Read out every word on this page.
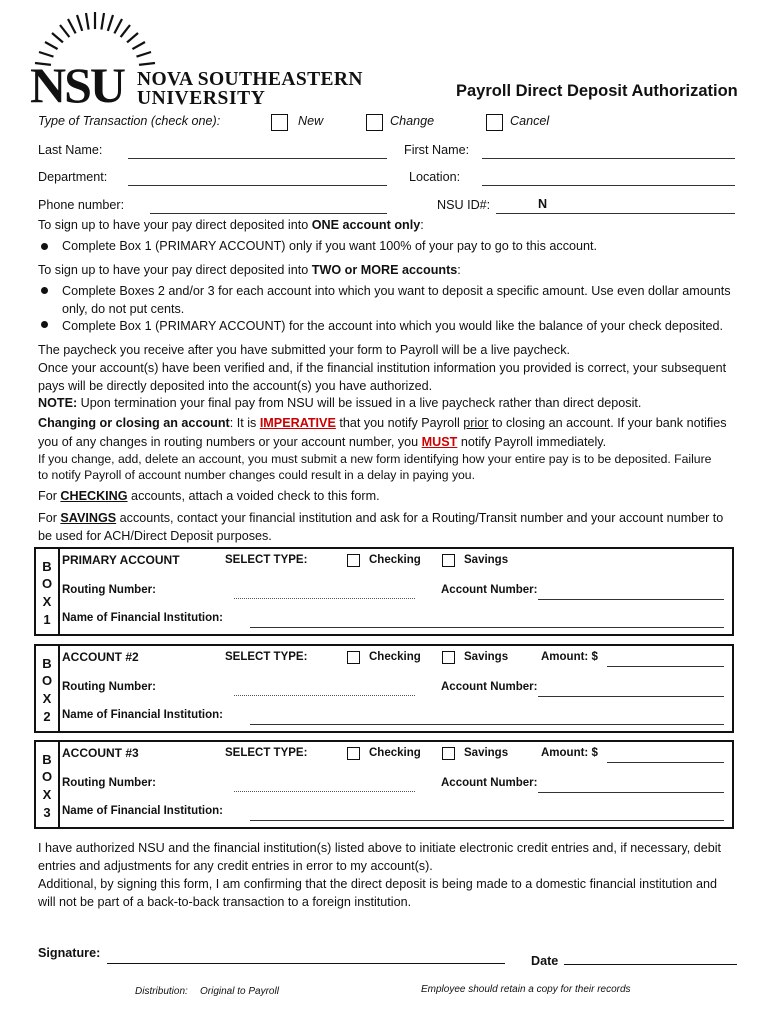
NSU NOVA SOUTHEASTERN
UNIVERSITY	Payroll Direct Deposit Authorization
Type of Transaction (check one):	New	Change	Cancel
Last Name:	First Name:
Department:	Location:
Phone number:	NSU ID#:	N
To sign up to have your pay direct deposited into ONE account only:
Complete Box 1 (PRIMARY ACCOUNT) only if you want 100% of your pay to go to this account.
To sign up to have your pay direct deposited into TWO or MORE accounts:
Complete Boxes 2 and/or 3 for each account into which you want to deposit a specific amount. Use even dollar amounts
only, do not put cents.
Complete Box 1 (PRIMARY ACCOUNT) for the account into which you would like the balance of your check deposited.
The paycheck you receive after you have submitted your form to Payroll will be a live paycheck.
Once your account(s) have been verified and, if the financial institution information you provided is correct, your subsequent
pays will be directly deposited into the account(s) you have authorized.
NOTE: Upon termination your final pay from NSU will be issued in a live paycheck rather than direct deposit.
Changing or closing an account: It is IMPERATIVE that you notify Payroll prior to closing an account. If your bank notifies
you of any changes in routing numbers or your account number, you MUST notify Payroll immediately.
If you change, add, delete an account, you must submit a new form identifying how your entire pay is to be deposited. Failure
to notify Payroll of account number changes could result in a delay in paying you.
For CHECKING accounts, attach a voided check to this form.
For SAVINGS accounts, contact your financial institution and ask for a Routing/Transit number and your account number to
be used for ACH/Direct Deposit purposes.
B
O
X
1
PRIMARY ACCOUNT	SELECT TYPE:	Checking	Savings
Routing Number:	Account Number:
Name of Financial Institution:
B
O
X
2
ACCOUNT #2	SELECT TYPE:	Checking	Savings	Amount: $
Routing Number:	Account Number:
Name of Financial Institution:
B
O
X
3
ACCOUNT #3	SELECT TYPE:	Checking	Savings	Amount: $
Routing Number:	Account Number:
Name of Financial Institution:
I have authorized NSU and the financial institution(s) listed above to initiate electronic credit entries and, if necessary, debit
entries and adjustments for any credit entries in error to my account(s).
Additional, by signing this form, I am confirming that the direct deposit is being made to a domestic financial institution and
will not be part of a back-to-back transaction to a foreign institution.
Signature:
Date
Distribution: Original to Payroll	Employee should retain a copy for their records
